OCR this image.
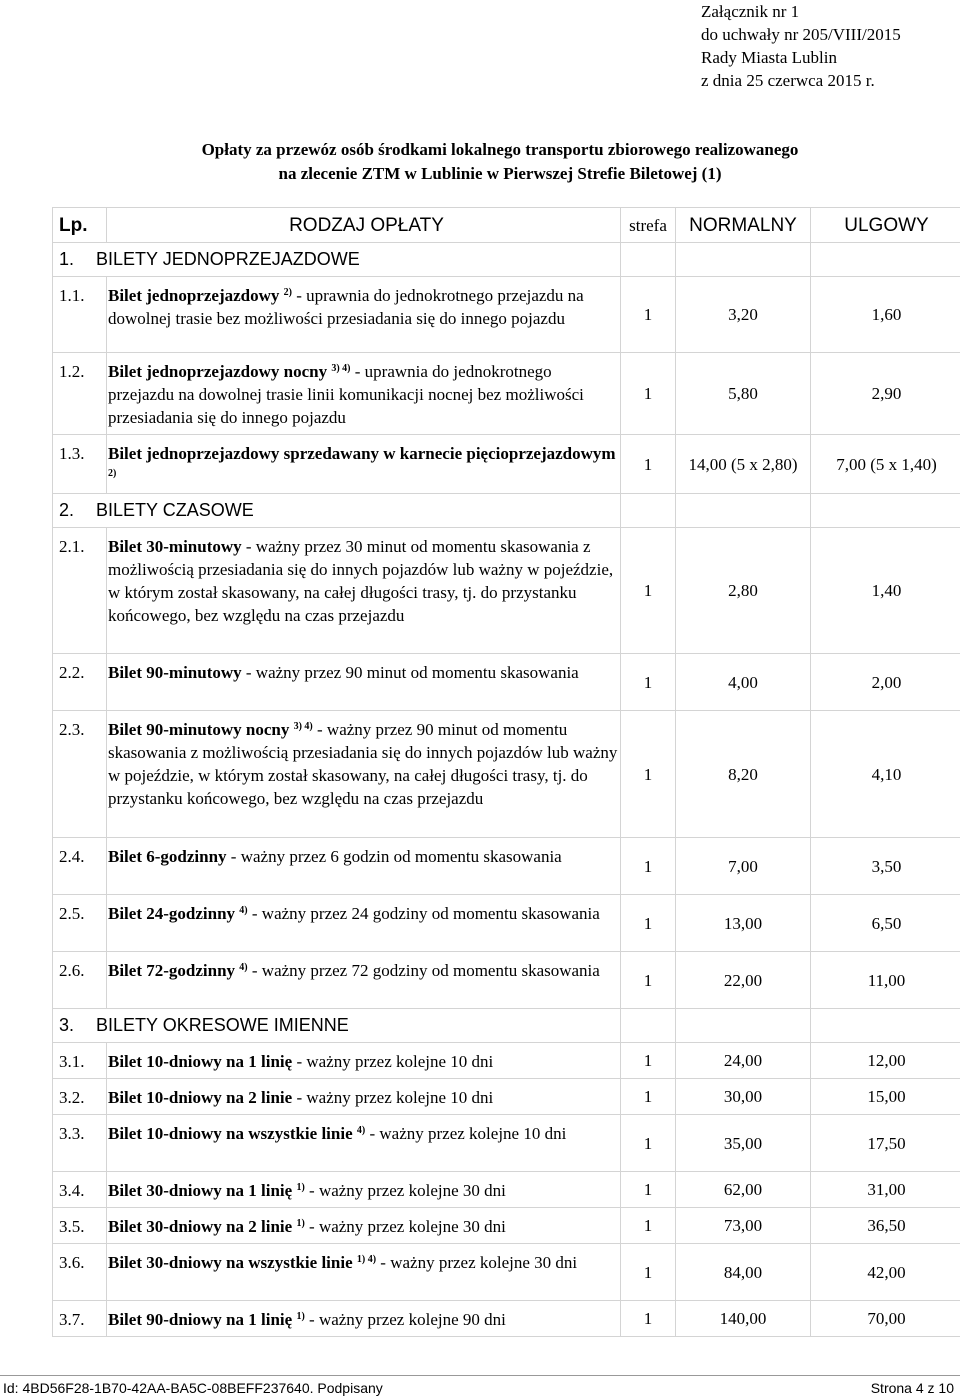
Załącznik nr 1
do uchwały nr 205/VIII/2015
Rady Miasta Lublin
z dnia 25 czerwca 2015 r.
Opłaty za przewóz osób środkami lokalnego transportu zbiorowego realizowanego
na zlecenie ZTM w Lublinie w Pierwszej Strefie Biletowej (1)
Lp.	RODZAJ OPŁATY	strefa	NORMALNY	ULGOWY
1. BILETY JEDNOPRZEJAZDOWE				
1.1.	Bilet jednoprzejazdowy $^{2)}$ - uprawnia do jednokrotnego przejazdu na dowolnej trasie bez możliwości przesiadania się do innego pojazdu	1	3,20	1,60
1.2.	Bilet jednoprzejazdowy nocny $^{3) 4)}$ - uprawnia do jednokrotnego przejazdu na dowolnej trasie linii komunikacji nocnej bez możliwości przesiadania się do innego pojazdu	1	5,80	2,90
1.3.	Bilet jednoprzejazdowy sprzedawany w karnecie pięcioprzejazdowym $^{2)}$	1	14,00 (5 x 2,80)	7,00 (5 x 1,40)
2. BILETY CZASOWE				
2.1.	Bilet 30-minutowy - ważny przez 30 minut od momentu skasowania z możliwością przesiadania się do innych pojazdów lub ważny w pojeździe, w którym został skasowany, na całej długości trasy, tj. do przystanku końcowego, bez względu na czas przejazdu	1	2,80	1,40
2.2.	Bilet 90-minutowy - ważny przez 90 minut od momentu skasowania	1	4,00	2,00
2.3.	Bilet 90-minutowy nocny $^{3) 4)}$ - ważny przez 90 minut od momentu skasowania z możliwością przesiadania się do innych pojazdów lub ważny w pojeździe, w którym został skasowany, na całej długości trasy, tj. do przystanku końcowego, bez względu na czas przejazdu	1	8,20	4,10
2.4.	Bilet 6-godzinny - ważny przez 6 godzin od momentu skasowania	1	7,00	3,50
2.5.	Bilet 24-godzinny $^{4)}$ - ważny przez 24 godziny od momentu skasowania	1	13,00	6,50
2.6.	Bilet 72-godzinny $^{4)}$ - ważny przez 72 godziny od momentu skasowania	1	22,00	11,00
3. BILETY OKRESOWE IMIENNE				
3.1.	Bilet 10-dniowy na 1 linię - ważny przez kolejne 10 dni	1	24,00	12,00
3.2.	Bilet 10-dniowy na 2 linie - ważny przez kolejne 10 dni	1	30,00	15,00
3.3.	Bilet 10-dniowy na wszystkie linie $^{4)}$ - ważny przez kolejne 10 dni	1	35,00	17,50
3.4.	Bilet 30-dniowy na 1 linię $^{1)}$ - ważny przez kolejne 30 dni	1	62,00	31,00
3.5.	Bilet 30-dniowy na 2 linie $^{1)}$ - ważny przez kolejne 30 dni	1	73,00	36,50
3.6.	Bilet 30-dniowy na wszystkie linie $^{1) 4)}$ - ważny przez kolejne 30 dni	1	84,00	42,00
3.7.	Bilet 90-dniowy na 1 linię $^{1)}$ - ważny przez kolejne 90 dni	1	140,00	70,00
Id: 4BD56F28-1B70-42AA-BA5C-08BEFF237640. Podpisany	Strona 4 z 10
